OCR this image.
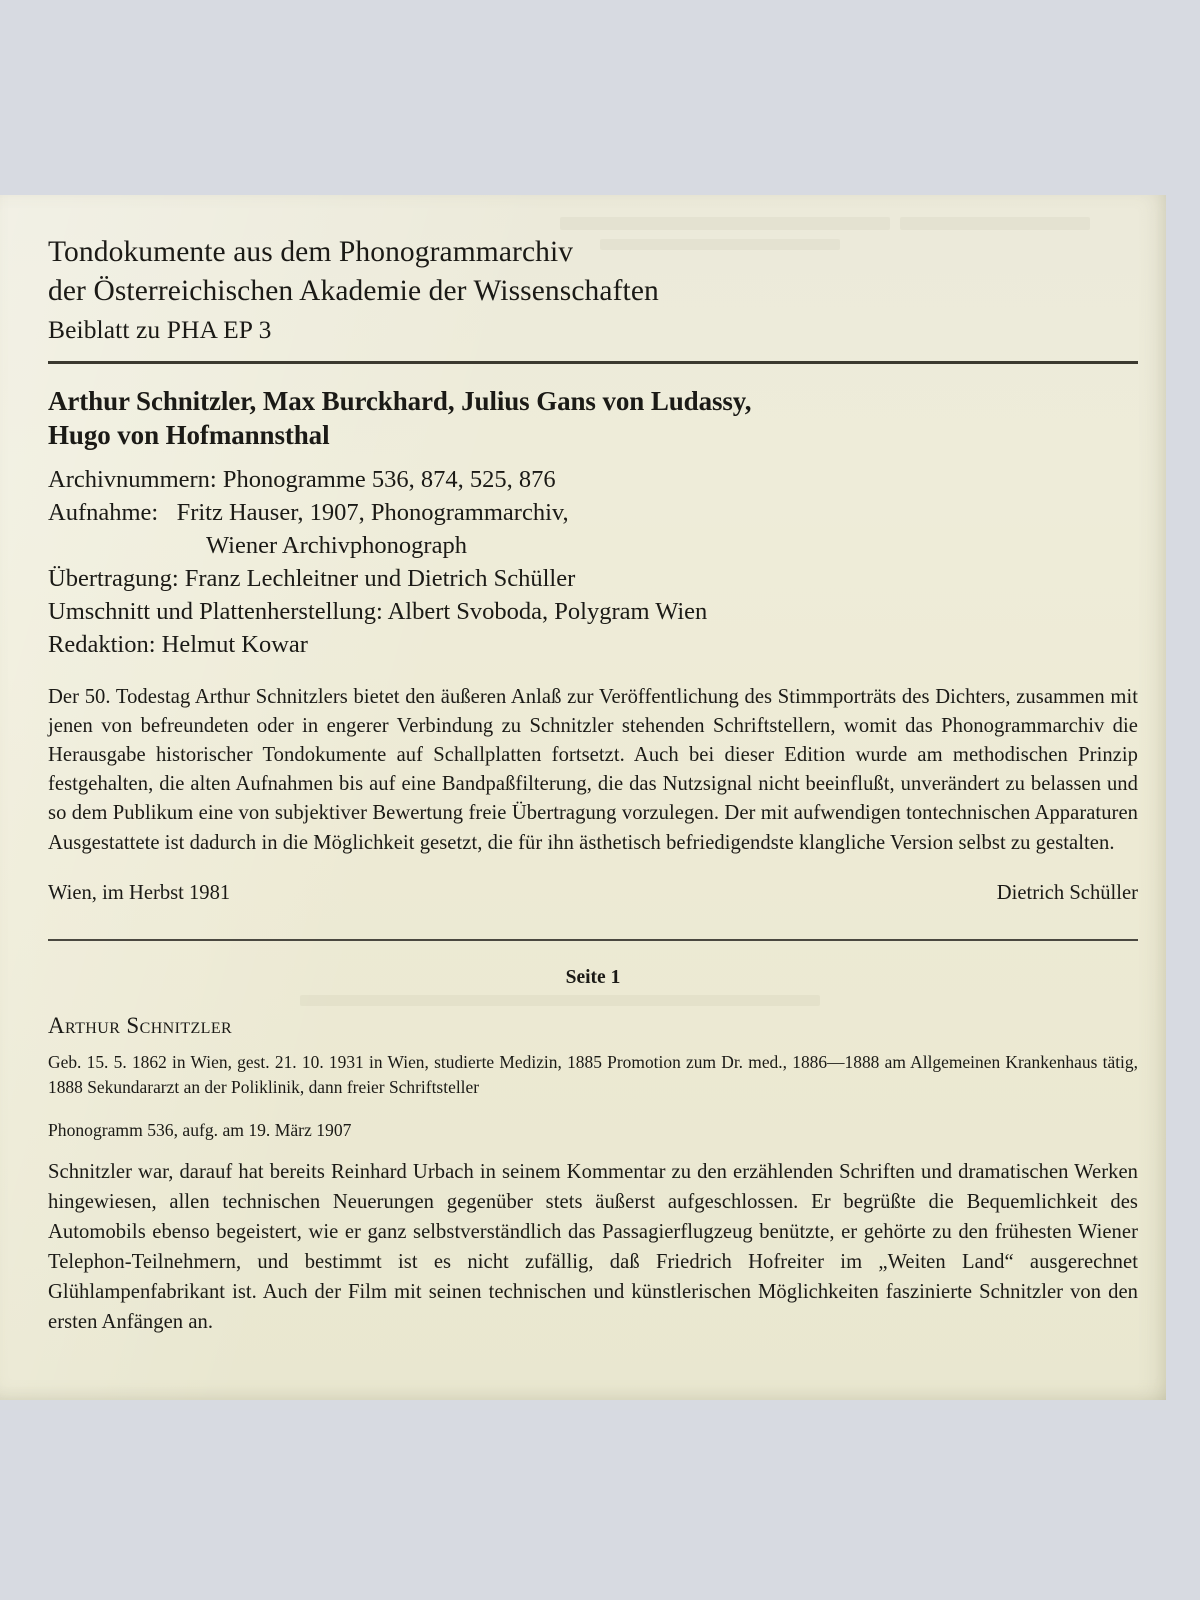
Tondokumente aus dem Phonogrammarchiv
der Österreichischen Akademie der Wissenschaften
Beiblatt zu PHA EP 3
Arthur Schnitzler, Max Burckhard, Julius Gans von Ludassy,
Hugo von Hofmannsthal
Archivnummern: Phonogramme 536, 874, 525, 876
Aufnahme:   Fritz Hauser, 1907, Phonogrammarchiv,
Wiener Archivphonograph
Übertragung: Franz Lechleitner und Dietrich Schüller
Umschnitt und Plattenherstellung: Albert Svoboda, Polygram Wien
Redaktion: Helmut Kowar

Der 50. Todestag Arthur Schnitzlers bietet den äußeren Anlaß zur Veröffentlichung des Stimmporträts des Dichters, zusammen mit jenen von befreundeten oder in engerer Verbindung zu Schnitzler stehenden Schriftstellern, womit das Phonogrammarchiv die Herausgabe historischer Tondokumente auf Schallplatten fortsetzt. Auch bei dieser Edition wurde am methodischen Prinzip festgehalten, die alten Aufnahmen bis auf eine Bandpaßfilterung, die das Nutzsignal nicht beeinflußt, unverändert zu belassen und so dem Publikum eine von subjektiver Bewertung freie Übertragung vorzulegen. Der mit aufwendigen tontechnischen Apparaturen Ausgestattete ist dadurch in die Möglichkeit gesetzt, die für ihn ästhetisch befriedigendste klangliche Version selbst zu gestalten.

Wien, im Herbst 1981	Dietrich Schüller
Seite 1
Arthur Schnitzler

Geb. 15. 5. 1862 in Wien, gest. 21. 10. 1931 in Wien, studierte Medizin, 1885 Promotion zum Dr. med., 1886—1888 am Allgemeinen Krankenhaus tätig, 1888 Sekundararzt an der Poliklinik, dann freier Schriftsteller

Phonogramm 536, aufg. am 19. März 1907

Schnitzler war, darauf hat bereits Reinhard Urbach in seinem Kommentar zu den erzählenden Schriften und dramatischen Werken hingewiesen, allen technischen Neuerungen gegenüber stets äußerst aufgeschlossen. Er begrüßte die Bequemlichkeit des Automobils ebenso begeistert, wie er ganz selbstverständlich das Passagierflugzeug benützte, er gehörte zu den frühesten Wiener Telephon-Teilnehmern, und bestimmt ist es nicht zufällig, daß Friedrich Hofreiter im „Weiten Land“ ausgerechnet Glühlampenfabrikant ist. Auch der Film mit seinen technischen und künstlerischen Möglichkeiten faszinierte Schnitzler von den ersten Anfängen an.
